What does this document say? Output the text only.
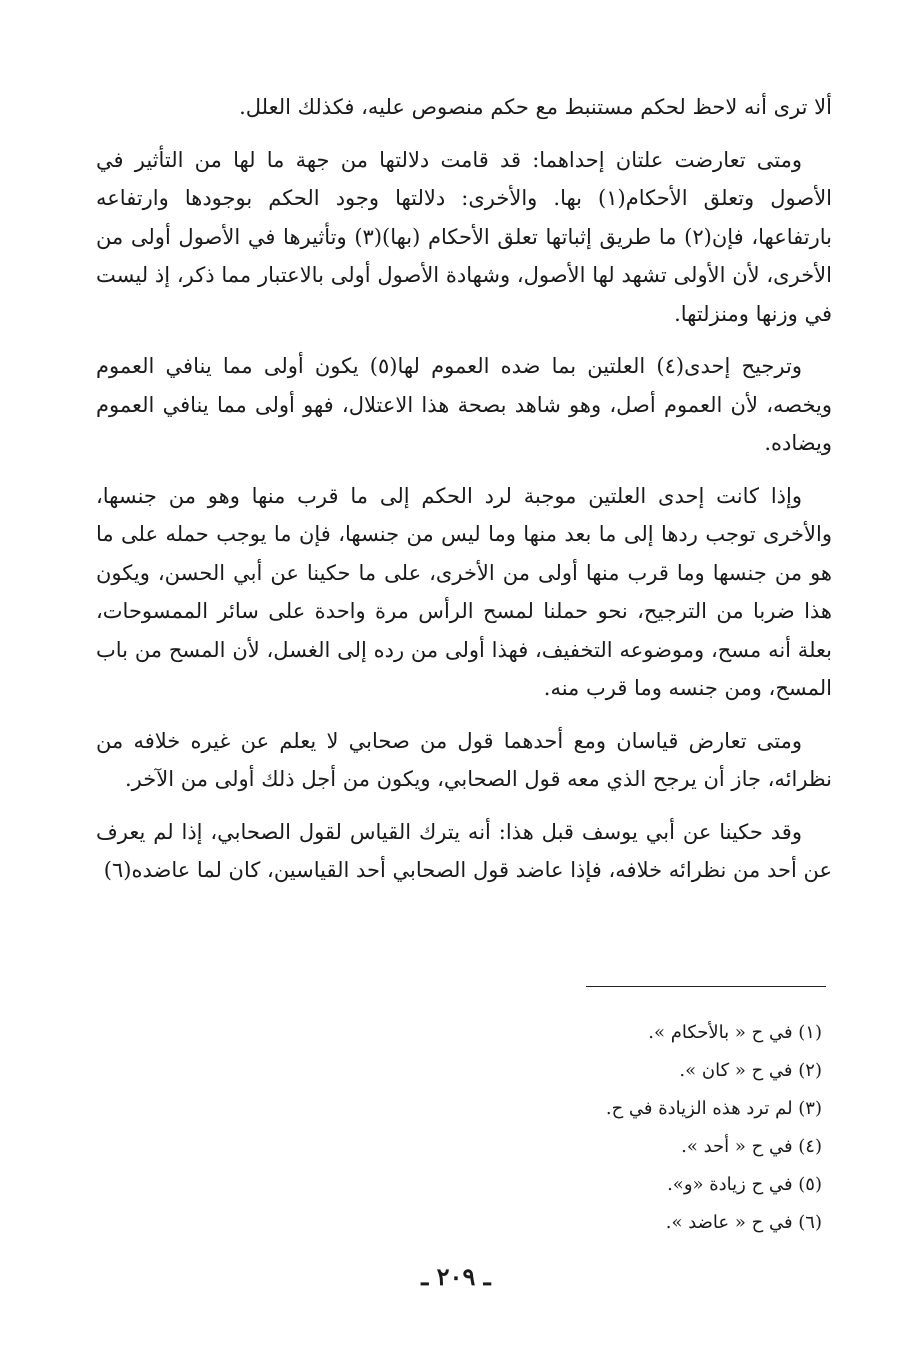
ألا ترى أنه لاحظ لحكم مستنبط مع حكم منصوص عليه، فكذلك العلل.

ومتى تعارضت علتان إحداهما: قد قامت دلالتها من جهة ما لها من التأثير في الأصول وتعلق الأحكام(١) بها. والأخرى: دلالتها وجود الحكم بوجودها وارتفاعه بارتفاعها، فإن(٢) ما طريق إثباتها تعلق الأحكام (بها)(٣) وتأثيرها في الأصول أولى من الأخرى، لأن الأولى تشهد لها الأصول، وشهادة الأصول أولى بالاعتبار مما ذكر، إذ ليست في وزنها ومنزلتها.

وترجيح إحدى(٤) العلتين بما ضده العموم لها(٥) يكون أولى مما ينافي العموم ويخصه، لأن العموم أصل، وهو شاهد بصحة هذا الاعتلال، فهو أولى مما ينافي العموم ويضاده.

وإذا كانت إحدى العلتين موجبة لرد الحكم إلى ما قرب منها وهو من جنسها، والأخرى توجب ردها إلى ما بعد منها وما ليس من جنسها، فإن ما يوجب حمله على ما هو من جنسها وما قرب منها أولى من الأخرى، على ما حكينا عن أبي الحسن، ويكون هذا ضربا من الترجيح، نحو حملنا لمسح الرأس مرة واحدة على سائر الممسوحات، بعلة أنه مسح، وموضوعه التخفيف، فهذا أولى من رده إلى الغسل، لأن المسح من باب المسح، ومن جنسه وما قرب منه.

ومتى تعارض قياسان ومع أحدهما قول من صحابي لا يعلم عن غيره خلافه من نظرائه، جاز أن يرجح الذي معه قول الصحابي، ويكون من أجل ذلك أولى من الآخر.

وقد حكينا عن أبي يوسف قبل هذا: أنه يترك القياس لقول الصحابي، إذا لم يعرف عن أحد من نظرائه خلافه، فإذا عاضد قول الصحابي أحد القياسين، كان لما عاضده(٦)

(١) في ح « بالأحكام ».

(٢) في ح « كان ».

(٣) لم ترد هذه الزيادة في ح.

(٤) في ح « أحد ».

(٥) في ح زيادة «و».

(٦) في ح « عاضد ».

ـ ٢٠٩ ـ
